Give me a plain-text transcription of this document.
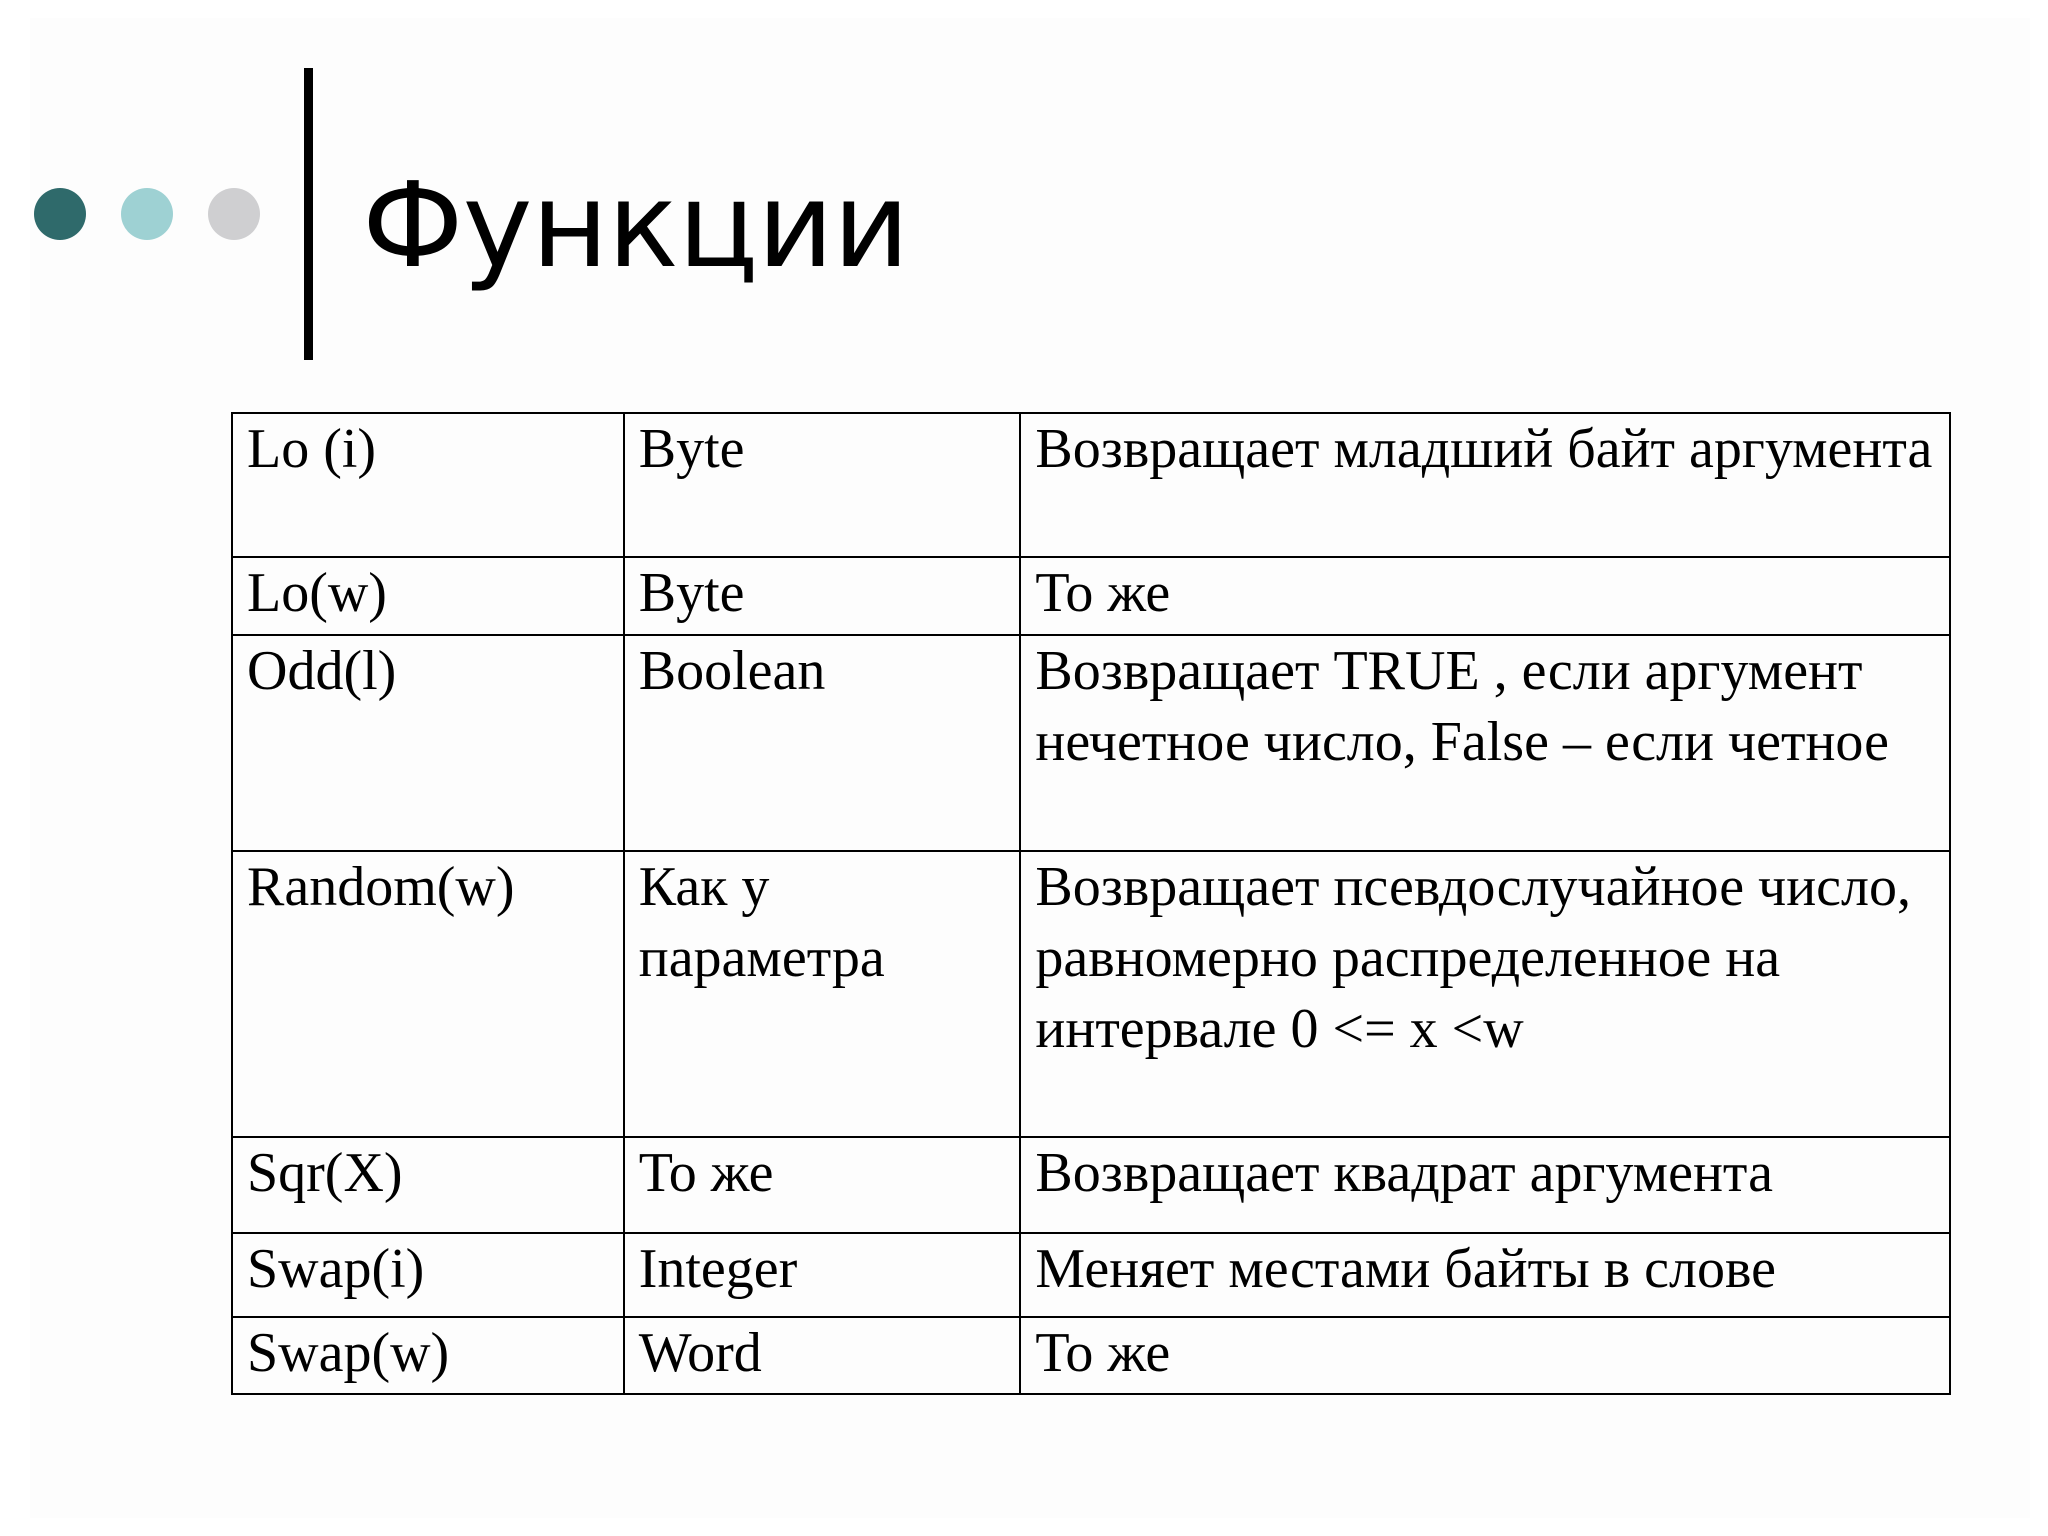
Функции
Lo (i)	Byte	Возвращает младший байт аргумента
Lo(w)	Byte	То же
Odd(l)	Boolean	Возвращает TRUE , если аргумент нечетное число, False – если четное
Random(w)	Как у параметра	Возвращает псевдослучайное число, равномерно распределенное на интервале 0 <= x <w
Sqr(X)	То же	Возвращает квадрат аргумента
Swap(i)	Integer	Меняет местами байты в слове
Swap(w)	Word	То же
